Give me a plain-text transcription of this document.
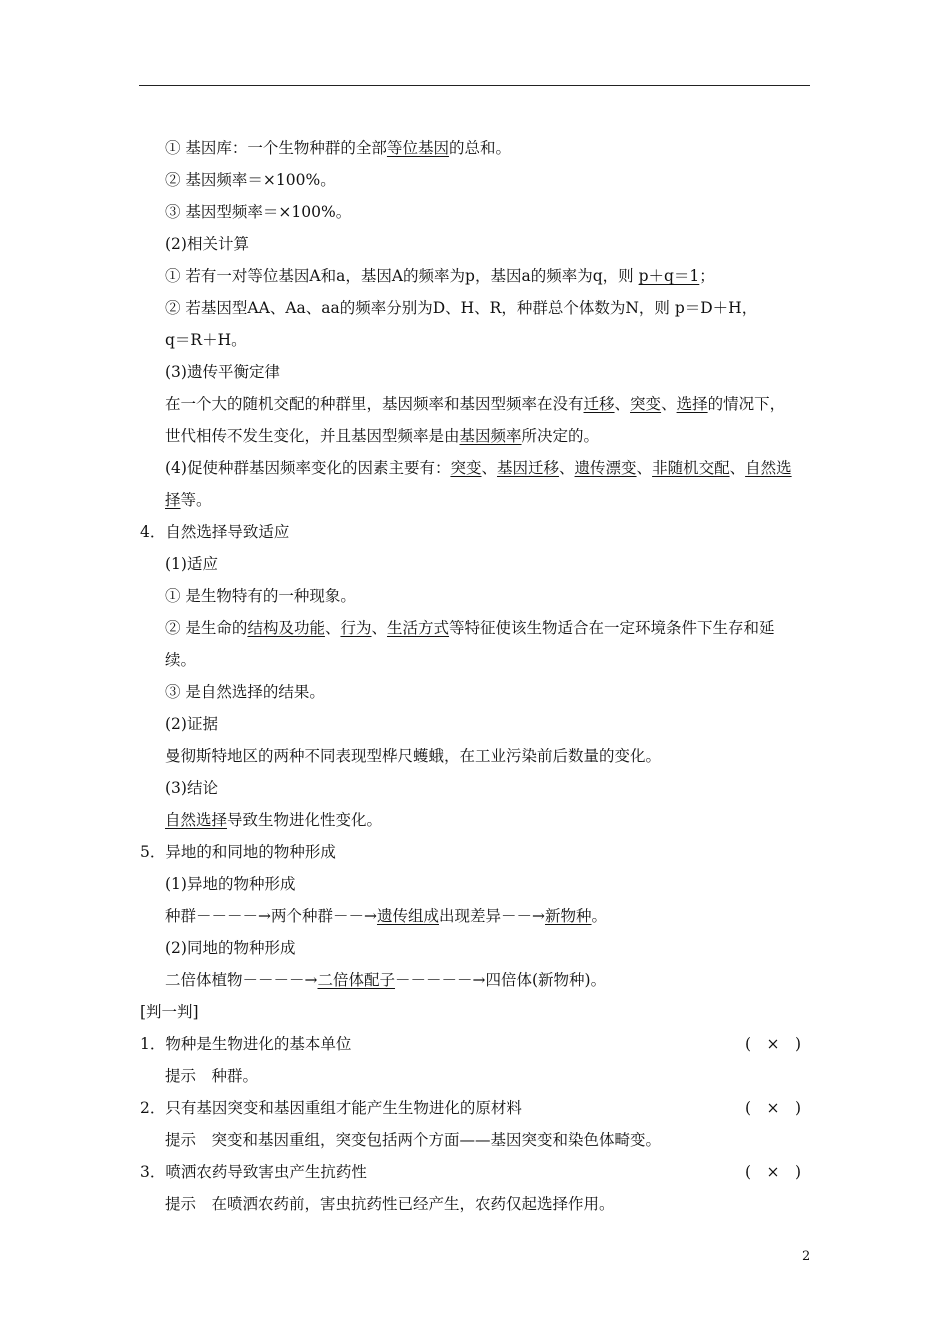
① 基因库：一个生物种群的全部等位基因的总和。
② 基因频率＝×100%。
③ 基因型频率＝×100%。
(2)相关计算
① 若有一对等位基因A和a，基因A的频率为p，基因a的频率为q，则 p＋q＝1；
② 若基因型AA、Aa、aa的频率分别为D、H、R，种群总个体数为N，则 p＝D＋H，
q＝R＋H。
(3)遗传平衡定律
在一个大的随机交配的种群里，基因频率和基因型频率在没有迁移、突变、选择的情况下，
世代相传不发生变化，并且基因型频率是由基因频率所决定的。
(4)促使种群基因频率变化的因素主要有：突变、基因迁移、遗传漂变、非随机交配、自然选
择等。
4．自然选择导致适应
(1)适应
① 是生物特有的一种现象。
② 是生命的结构及功能、行为、生活方式等特征使该生物适合在一定环境条件下生存和延
续。
③ 是自然选择的结果。
(2)证据
曼彻斯特地区的两种不同表现型桦尺蠖蛾，在工业污染前后数量的变化。
(3)结论
自然选择导致生物进化性变化。
5．异地的和同地的物种形成
(1)异地的物种形成
种群－－－－→两个种群－－→遗传组成出现差异－－→新物种。
(2)同地的物种形成
二倍体植物－－－－→二倍体配子－－－－－→四倍体(新物种)。
[判一判]
1．物种是生物进化的基本单位	(　×　)
提示　种群。
2．只有基因突变和基因重组才能产生生物进化的原材料	(　×　)
提示　突变和基因重组，突变包括两个方面——基因突变和染色体畸变。
3．喷洒农药导致害虫产生抗药性	(　×　)
提示　在喷洒农药前，害虫抗药性已经产生，农药仅起选择作用。
2
